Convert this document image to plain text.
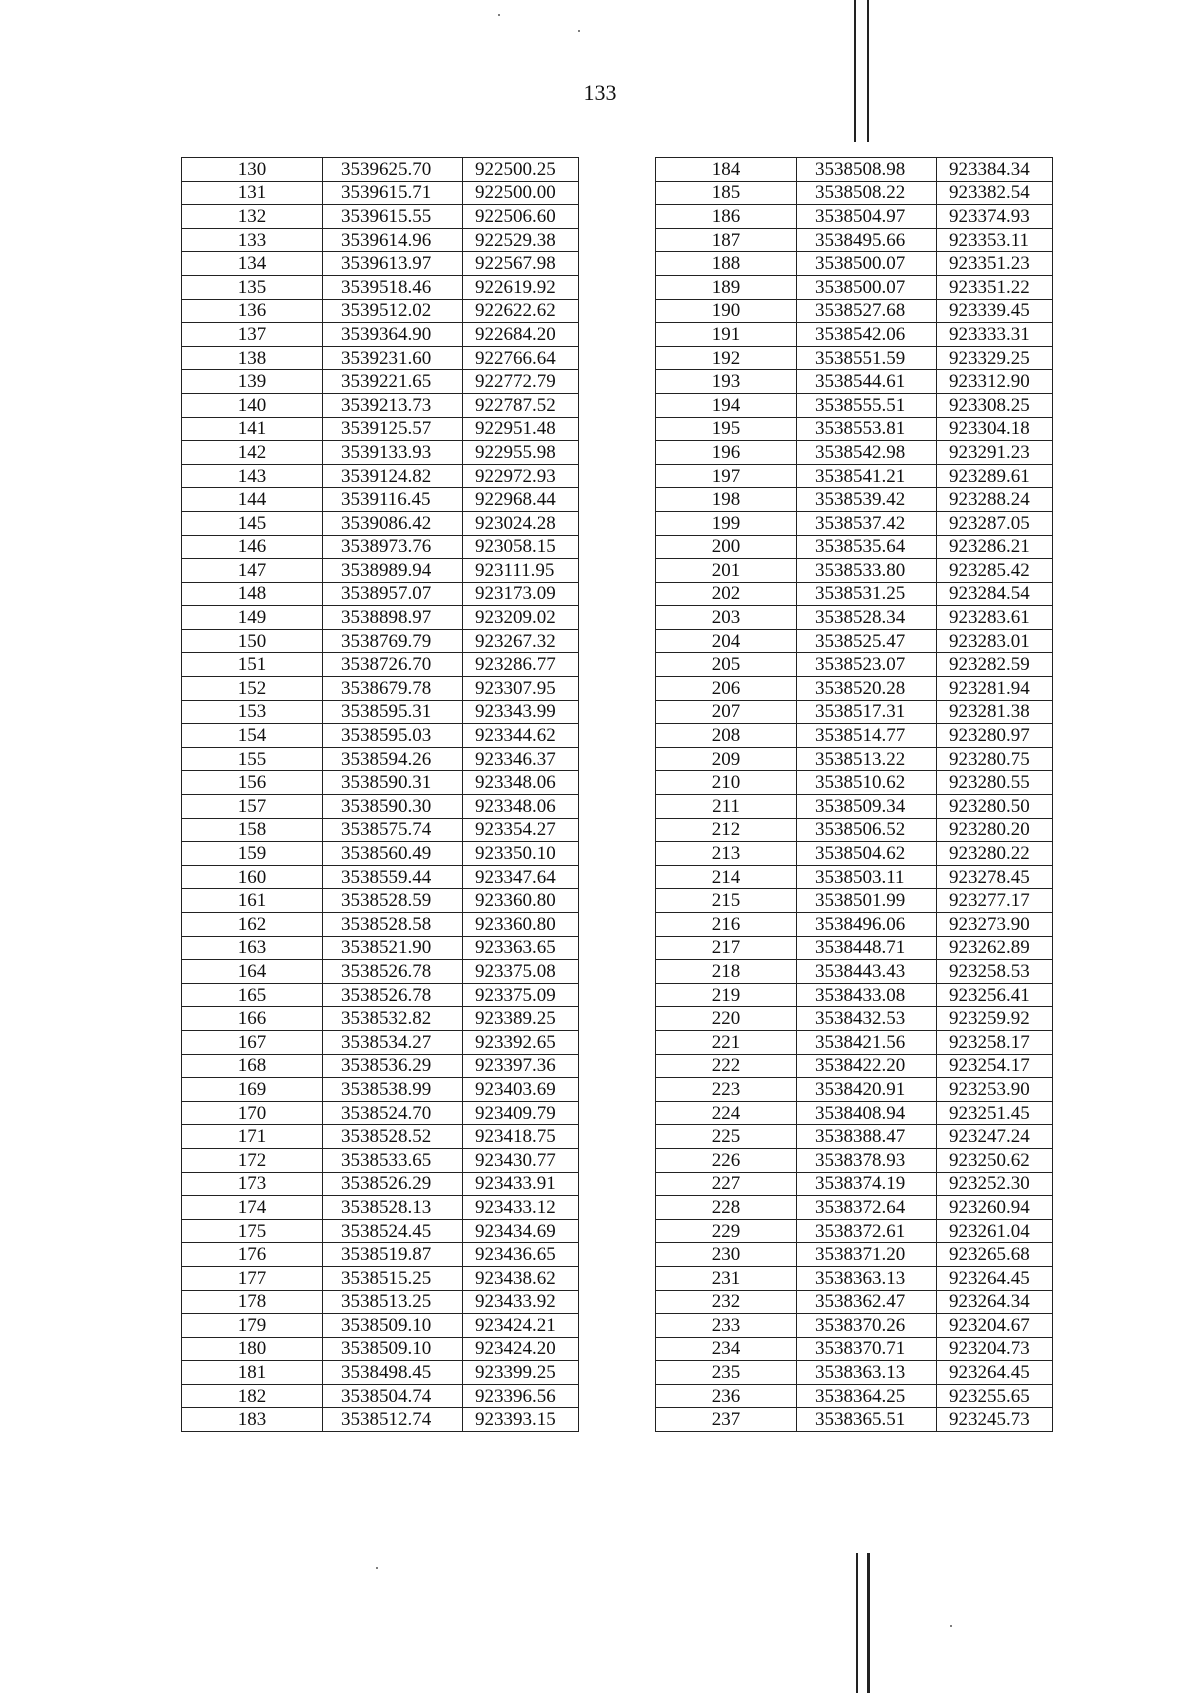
133
130	3539625.70	922500.25
131	3539615.71	922500.00
132	3539615.55	922506.60
133	3539614.96	922529.38
134	3539613.97	922567.98
135	3539518.46	922619.92
136	3539512.02	922622.62
137	3539364.90	922684.20
138	3539231.60	922766.64
139	3539221.65	922772.79
140	3539213.73	922787.52
141	3539125.57	922951.48
142	3539133.93	922955.98
143	3539124.82	922972.93
144	3539116.45	922968.44
145	3539086.42	923024.28
146	3538973.76	923058.15
147	3538989.94	923111.95
148	3538957.07	923173.09
149	3538898.97	923209.02
150	3538769.79	923267.32
151	3538726.70	923286.77
152	3538679.78	923307.95
153	3538595.31	923343.99
154	3538595.03	923344.62
155	3538594.26	923346.37
156	3538590.31	923348.06
157	3538590.30	923348.06
158	3538575.74	923354.27
159	3538560.49	923350.10
160	3538559.44	923347.64
161	3538528.59	923360.80
162	3538528.58	923360.80
163	3538521.90	923363.65
164	3538526.78	923375.08
165	3538526.78	923375.09
166	3538532.82	923389.25
167	3538534.27	923392.65
168	3538536.29	923397.36
169	3538538.99	923403.69
170	3538524.70	923409.79
171	3538528.52	923418.75
172	3538533.65	923430.77
173	3538526.29	923433.91
174	3538528.13	923433.12
175	3538524.45	923434.69
176	3538519.87	923436.65
177	3538515.25	923438.62
178	3538513.25	923433.92
179	3538509.10	923424.21
180	3538509.10	923424.20
181	3538498.45	923399.25
182	3538504.74	923396.56
183	3538512.74	923393.15
184	3538508.98	923384.34
185	3538508.22	923382.54
186	3538504.97	923374.93
187	3538495.66	923353.11
188	3538500.07	923351.23
189	3538500.07	923351.22
190	3538527.68	923339.45
191	3538542.06	923333.31
192	3538551.59	923329.25
193	3538544.61	923312.90
194	3538555.51	923308.25
195	3538553.81	923304.18
196	3538542.98	923291.23
197	3538541.21	923289.61
198	3538539.42	923288.24
199	3538537.42	923287.05
200	3538535.64	923286.21
201	3538533.80	923285.42
202	3538531.25	923284.54
203	3538528.34	923283.61
204	3538525.47	923283.01
205	3538523.07	923282.59
206	3538520.28	923281.94
207	3538517.31	923281.38
208	3538514.77	923280.97
209	3538513.22	923280.75
210	3538510.62	923280.55
211	3538509.34	923280.50
212	3538506.52	923280.20
213	3538504.62	923280.22
214	3538503.11	923278.45
215	3538501.99	923277.17
216	3538496.06	923273.90
217	3538448.71	923262.89
218	3538443.43	923258.53
219	3538433.08	923256.41
220	3538432.53	923259.92
221	3538421.56	923258.17
222	3538422.20	923254.17
223	3538420.91	923253.90
224	3538408.94	923251.45
225	3538388.47	923247.24
226	3538378.93	923250.62
227	3538374.19	923252.30
228	3538372.64	923260.94
229	3538372.61	923261.04
230	3538371.20	923265.68
231	3538363.13	923264.45
232	3538362.47	923264.34
233	3538370.26	923204.67
234	3538370.71	923204.73
235	3538363.13	923264.45
236	3538364.25	923255.65
237	3538365.51	923245.73
